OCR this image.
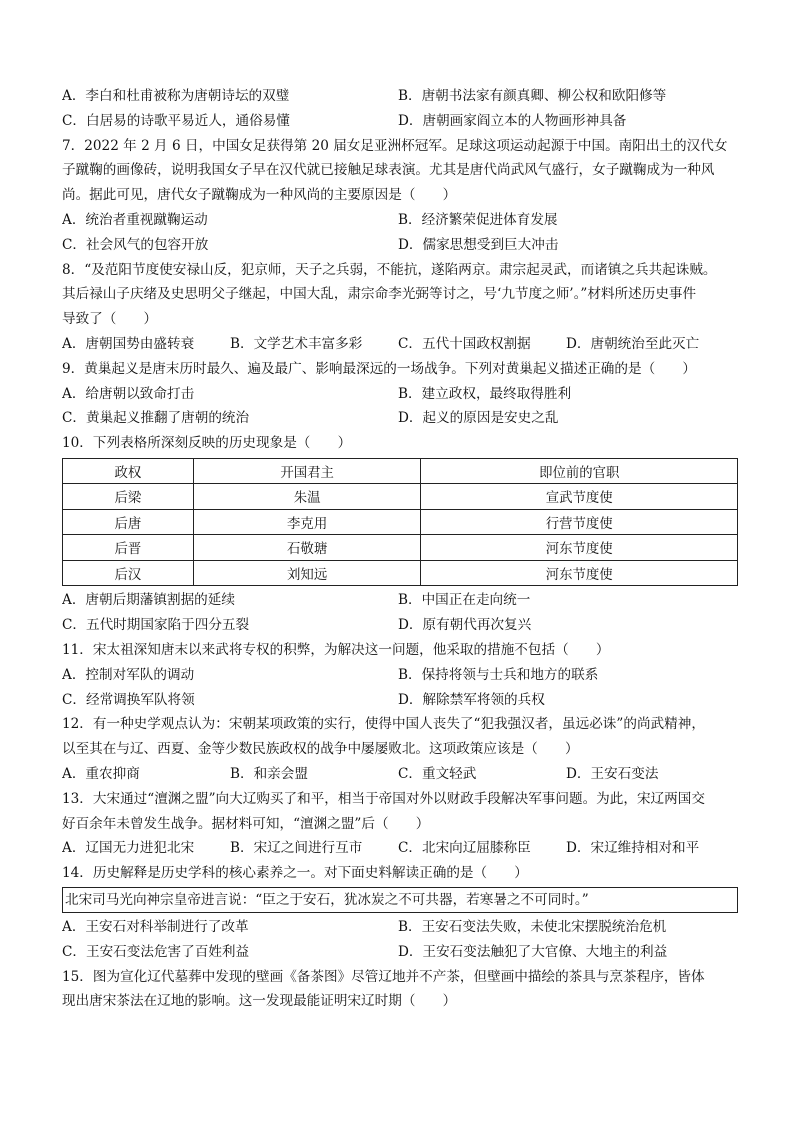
A．李白和杜甫被称为唐朝诗坛的双璧	B．唐朝书法家有颜真卿、柳公权和欧阳修等
C．白居易的诗歌平易近人，通俗易懂	D．唐朝画家阎立本的人物画形神具备
7．2022 年 2 月 6 日，中国女足获得第 20 届女足亚洲杯冠军。足球这项运动起源于中国。南阳出土的汉代女
子蹴鞠的画像砖，说明我国女子早在汉代就已接触足球表演。尤其是唐代尚武风气盛行，女子蹴鞠成为一种风
尚。据此可见，唐代女子蹴鞠成为一种风尚的主要原因是（　　）
A．统治者重视蹴鞠运动	B．经济繁荣促进体育发展
C．社会风气的包容开放	D．儒家思想受到巨大冲击
8．“及范阳节度使安禄山反，犯京师，天子之兵弱，不能抗，遂陷两京。肃宗起灵武，而诸镇之兵共起诛贼。
其后禄山子庆绪及史思明父子继起，中国大乱，肃宗命李光弼等讨之，号‘九节度之师’。”材料所述历史事件
导致了（　　）
A．唐朝国势由盛转衰	B．文学艺术丰富多彩	C．五代十国政权割据	D．唐朝统治至此灭亡
9．黄巢起义是唐末历时最久、遍及最广、影响最深远的一场战争。下列对黄巢起义描述正确的是（　　）
A．给唐朝以致命打击	B．建立政权，最终取得胜利
C．黄巢起义推翻了唐朝的统治	D．起义的原因是安史之乱
10．下列表格所深刻反映的历史现象是（　　）
政权	开国君主	即位前的官职
后梁	朱温	宣武节度使
后唐	李克用	行营节度使
后晋	石敬瑭	河东节度使
后汉	刘知远	河东节度使
A．唐朝后期藩镇割据的延续	B．中国正在走向统一
C．五代时期国家陷于四分五裂	D．原有朝代再次复兴
11．宋太祖深知唐末以来武将专权的积弊，为解决这一问题，他采取的措施不包括（　　）
A．控制对军队的调动	B．保持将领与士兵和地方的联系
C．经常调换军队将领	D．解除禁军将领的兵权
12．有一种史学观点认为：宋朝某项政策的实行，使得中国人丧失了“犯我强汉者，虽远必诛”的尚武精神，
以至其在与辽、西夏、金等少数民族政权的战争中屡屡败北。这项政策应该是（　　）
A．重农抑商	B．和亲会盟	C．重文轻武	D．王安石变法
13．大宋通过“澶渊之盟”向大辽购买了和平，相当于帝国对外以财政手段解决军事问题。为此，宋辽两国交
好百余年未曾发生战争。据材料可知，“澶渊之盟”后（　　）
A．辽国无力进犯北宋	B．宋辽之间进行互市	C．北宋向辽屈膝称臣	D．宋辽维持相对和平
14．历史解释是历史学科的核心素养之一。对下面史料解读正确的是（　　）
北宋司马光向神宗皇帝进言说：“臣之于安石，犹冰炭之不可共器，若寒暑之不可同时。”
A．王安石对科举制进行了改革	B．王安石变法失败，未使北宋摆脱统治危机
C．王安石变法危害了百姓利益	D．王安石变法触犯了大官僚、大地主的利益
15．图为宣化辽代墓葬中发现的壁画《备茶图》尽管辽地并不产茶，但壁画中描绘的茶具与烹茶程序，皆体
现出唐宋茶法在辽地的影响。这一发现最能证明宋辽时期（　　）
